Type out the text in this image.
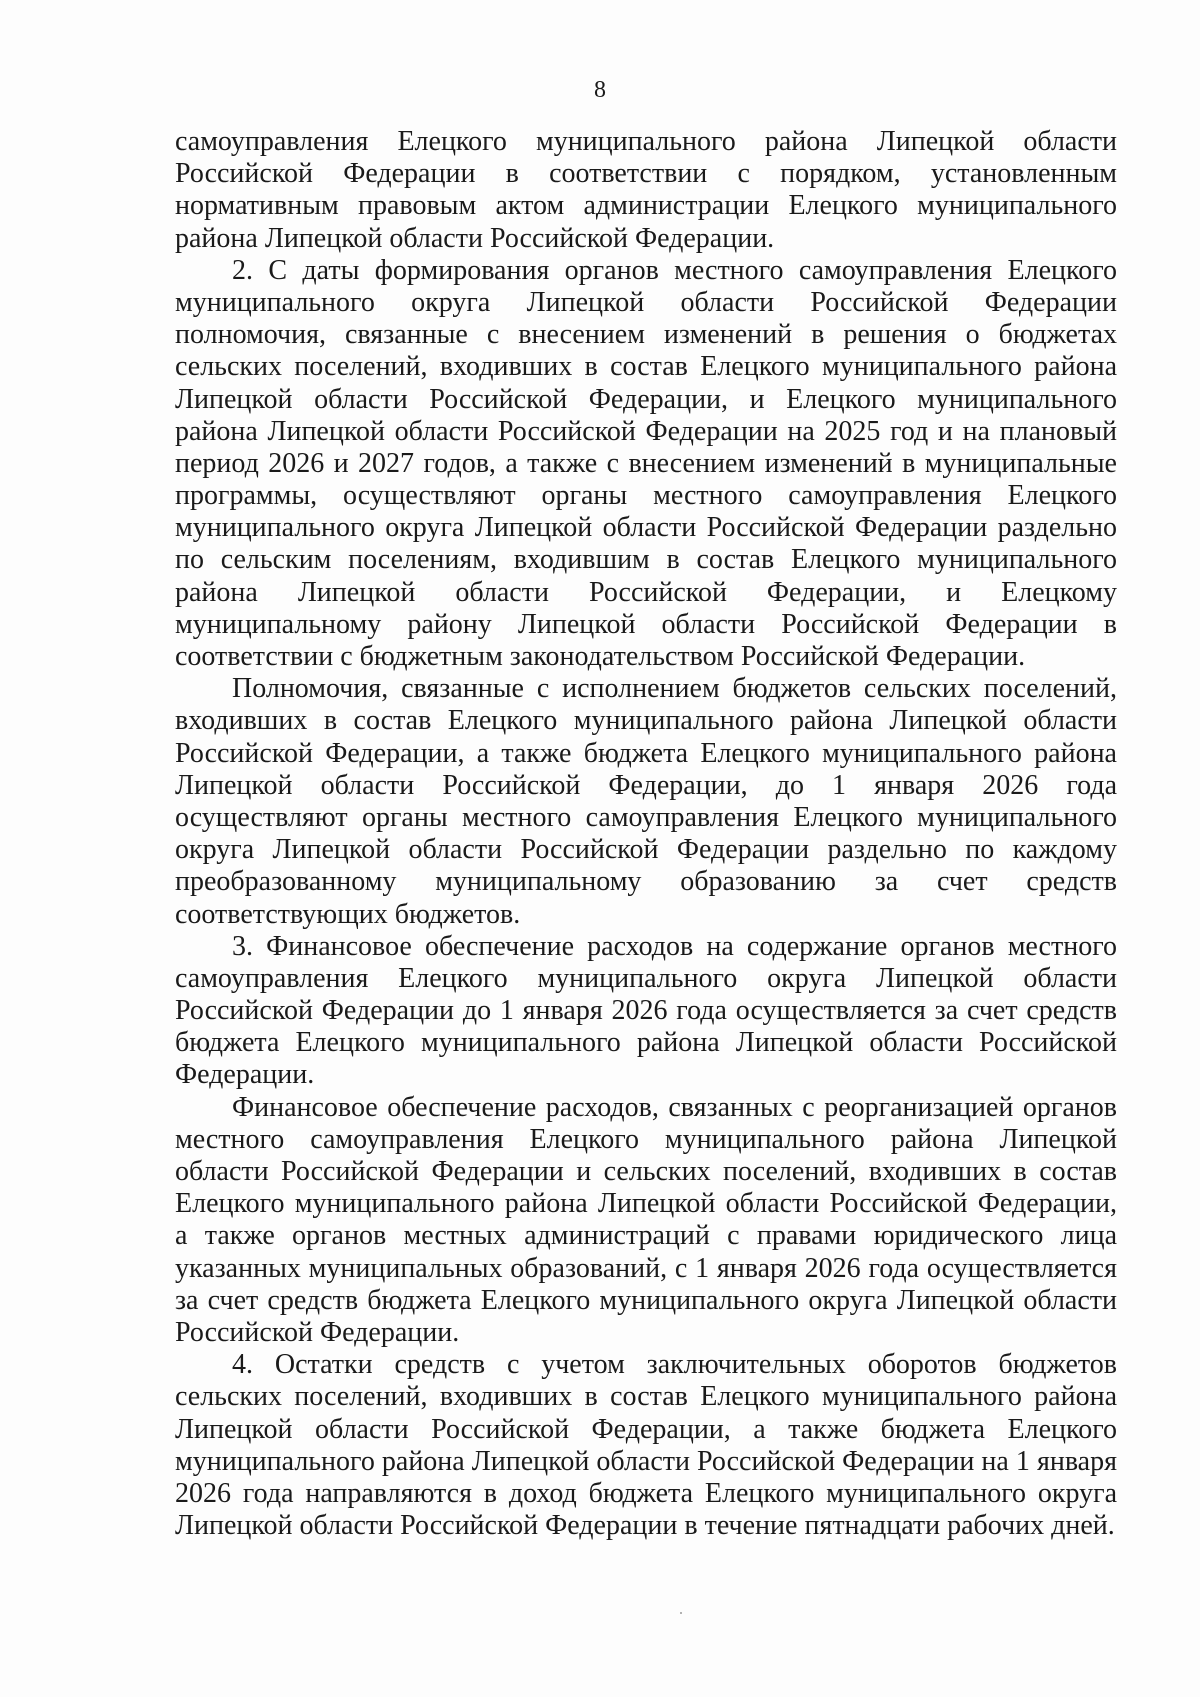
8
самоуправления Елецкого муниципального района Липецкой области
Российской Федерации в соответствии с порядком, установленным
нормативным правовым актом администрации Елецкого муниципального
района Липецкой области Российской Федерации.
2. С даты формирования органов местного самоуправления Елецкого
муниципального округа Липецкой области Российской Федерации
полномочия, связанные с внесением изменений в решения о бюджетах
сельских поселений, входивших в состав Елецкого муниципального района
Липецкой области Российской Федерации, и Елецкого муниципального
района Липецкой области Российской Федерации на 2025 год и на плановый
период 2026 и 2027 годов, а также с внесением изменений в муниципальные
программы, осуществляют органы местного самоуправления Елецкого
муниципального округа Липецкой области Российской Федерации раздельно
по сельским поселениям, входившим в состав Елецкого муниципального
района Липецкой области Российской Федерации, и Елецкому
муниципальному району Липецкой области Российской Федерации в
соответствии с бюджетным законодательством Российской Федерации.
Полномочия, связанные с исполнением бюджетов сельских поселений,
входивших в состав Елецкого муниципального района Липецкой области
Российской Федерации, а также бюджета Елецкого муниципального района
Липецкой области Российской Федерации, до 1 января 2026 года
осуществляют органы местного самоуправления Елецкого муниципального
округа Липецкой области Российской Федерации раздельно по каждому
преобразованному муниципальному образованию за счет средств
соответствующих бюджетов.
3. Финансовое обеспечение расходов на содержание органов местного
самоуправления Елецкого муниципального округа Липецкой области
Российской Федерации до 1 января 2026 года осуществляется за счет средств
бюджета Елецкого муниципального района Липецкой области Российской
Федерации.
Финансовое обеспечение расходов, связанных с реорганизацией органов
местного самоуправления Елецкого муниципального района Липецкой
области Российской Федерации и сельских поселений, входивших в состав
Елецкого муниципального района Липецкой области Российской Федерации,
а также органов местных администраций с правами юридического лица
указанных муниципальных образований, с 1 января 2026 года осуществляется
за счет средств бюджета Елецкого муниципального округа Липецкой области
Российской Федерации.
4. Остатки средств с учетом заключительных оборотов бюджетов
сельских поселений, входивших в состав Елецкого муниципального района
Липецкой области Российской Федерации, а также бюджета Елецкого
муниципального района Липецкой области Российской Федерации на 1 января
2026 года направляются в доход бюджета Елецкого муниципального округа
Липецкой области Российской Федерации в течение пятнадцати рабочих дней.
